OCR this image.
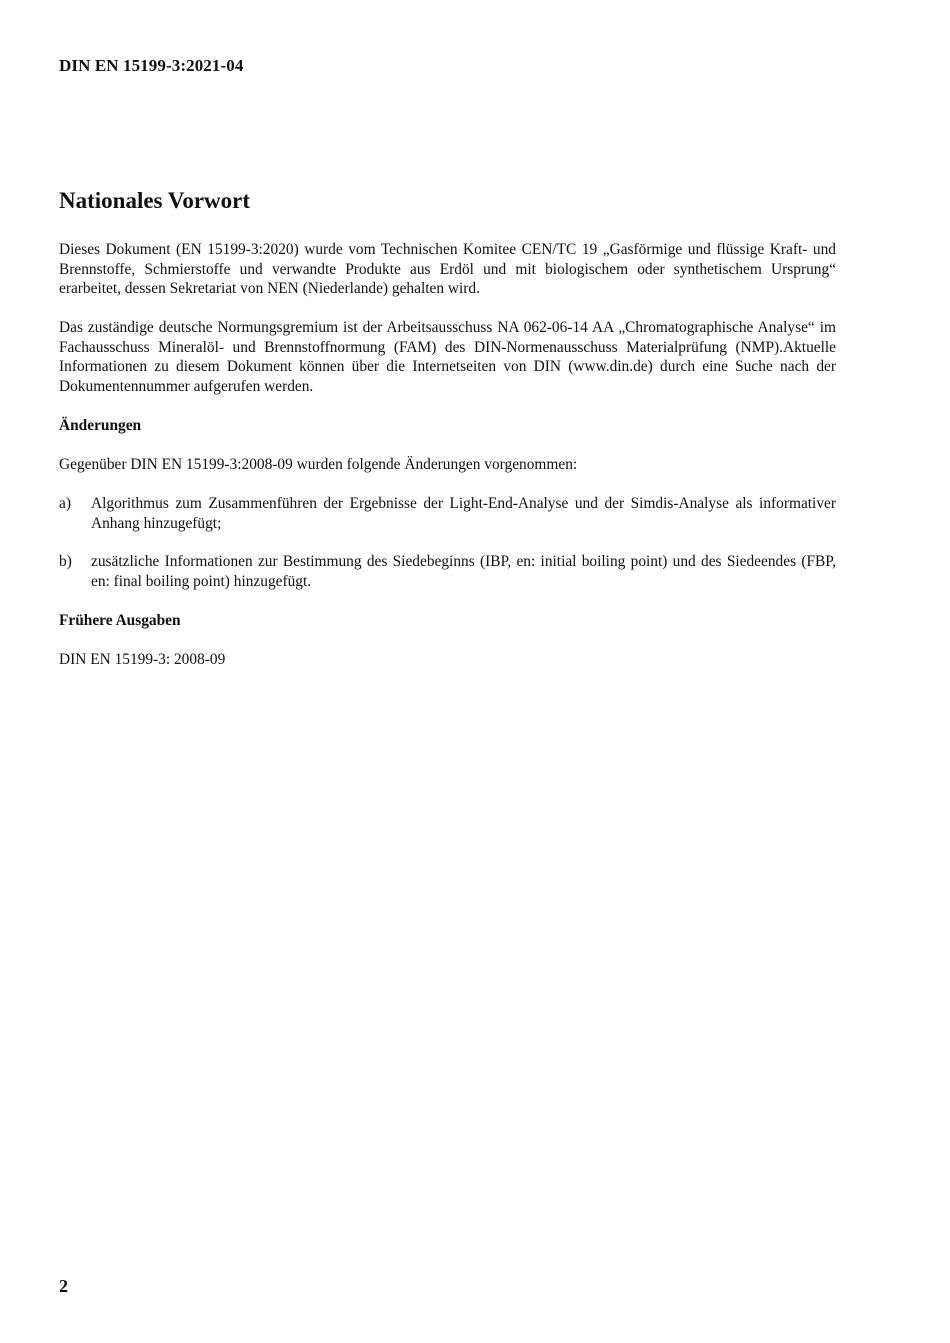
DIN EN 15199-3:2021-04

Nationales Vorwort

Dieses Dokument (EN 15199-3:2020) wurde vom Technischen Komitee CEN/TC 19 „Gasförmige und flüssige Kraft- und Brennstoffe, Schmierstoffe und verwandte Produkte aus Erdöl und mit biologischem oder synthetischem Ursprung“ erarbeitet, dessen Sekretariat von NEN (Niederlande) gehalten wird.

Das zuständige deutsche Normungsgremium ist der Arbeitsausschuss NA 062-06-14 AA „Chromatographische Analyse“ im Fachausschuss Mineralöl- und Brennstoffnormung (FAM) des DIN-Normenausschuss Materialprüfung (NMP).Aktuelle Informationen zu diesem Dokument können über die Internetseiten von DIN (www.din.de) durch eine Suche nach der Dokumentennummer aufgerufen werden.

Änderungen

Gegenüber DIN EN 15199-3:2008-09 wurden folgende Änderungen vorgenommen:

a)	Algorithmus zum Zusammenführen der Ergebnisse der Light-End-Analyse und der Simdis-Analyse als informativer Anhang hinzugefügt;
b)	zusätzliche Informationen zur Bestimmung des Siedebeginns (IBP, en: initial boiling point) und des Siedeendes (FBP, en: final boiling point) hinzugefügt.

Frühere Ausgaben

DIN EN 15199-3: 2008-09

2
